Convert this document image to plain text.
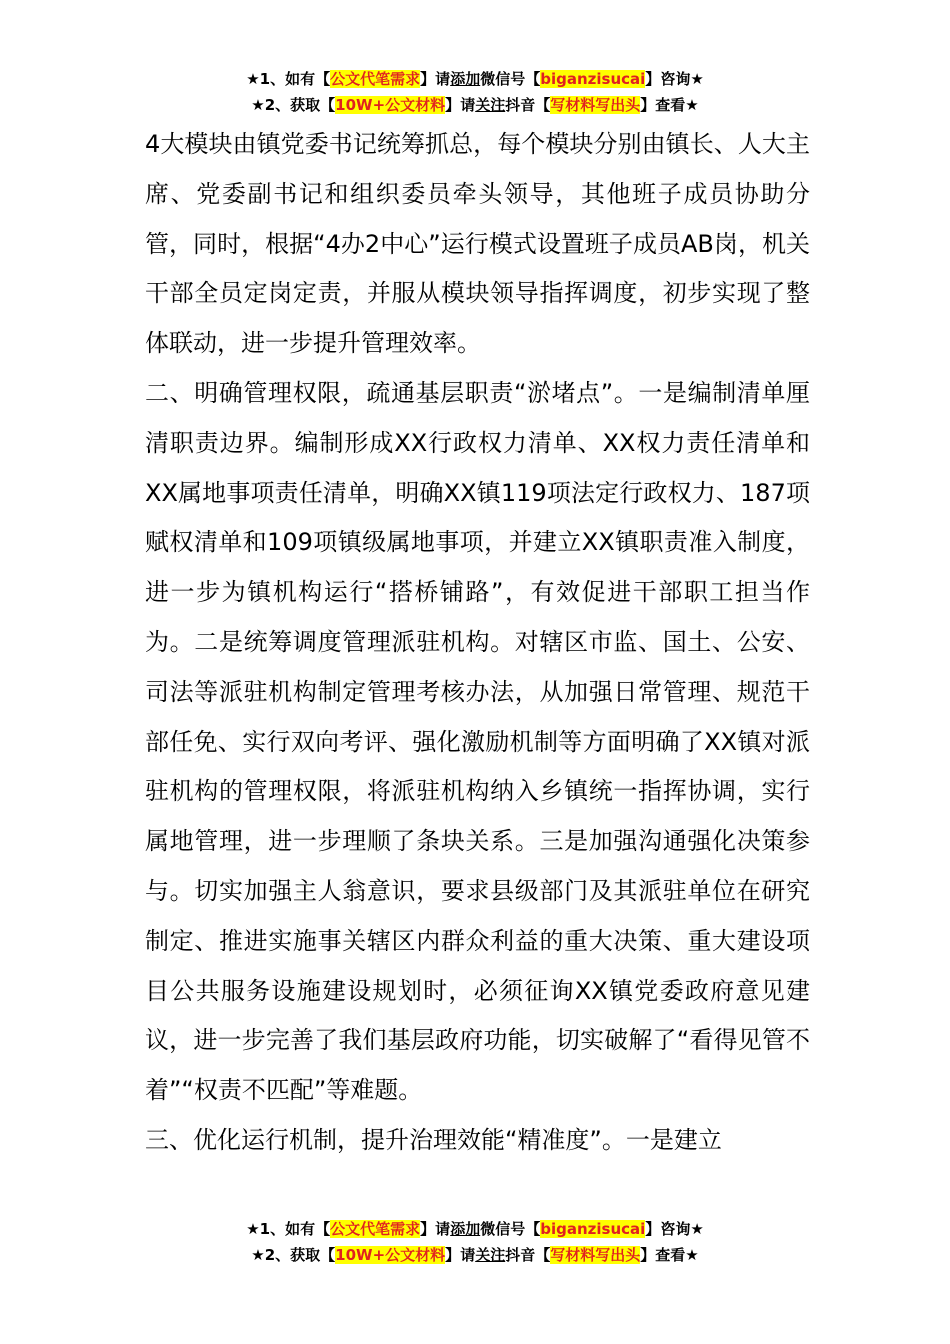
★1、如有【公文代笔需求】请添加微信号【biganzisucai】咨询★
★2、获取【10W+公文材料】请关注抖音【写材料写出头】查看★

4大模块由镇党委书记统筹抓总，每个模块分别由镇长、人大主席、党委副书记和组织委员牵头领导，其他班子成员协助分管，同时，根据“4办2中心”运行模式设置班子成员AB岗，机关干部全员定岗定责，并服从模块领导指挥调度，初步实现了整体联动，进一步提升管理效率。

二、明确管理权限，疏通基层职责“淤堵点”。一是编制清单厘清职责边界。编制形成XX行政权力清单、XX权力责任清单和XX属地事项责任清单，明确XX镇119项法定行政权力、187项赋权清单和109项镇级属地事项，并建立XX镇职责准入制度，进一步为镇机构运行“搭桥铺路”，有效促进干部职工担当作为。二是统筹调度管理派驻机构。对辖区市监、国土、公安、司法等派驻机构制定管理考核办法，从加强日常管理、规范干部任免、实行双向考评、强化激励机制等方面明确了XX镇对派驻机构的管理权限，将派驻机构纳入乡镇统一指挥协调，实行属地管理，进一步理顺了条块关系。三是加强沟通强化决策参与。切实加强主人翁意识，要求县级部门及其派驻单位在研究制定、推进实施事关辖区内群众利益的重大决策、重大建设项目公共服务设施建设规划时，必须征询XX镇党委政府意见建议，进一步完善了我们基层政府功能，切实破解了“看得见管不着”“权责不匹配”等难题。

三、优化运行机制，提升治理效能“精准度”。一是建立

★1、如有【公文代笔需求】请添加微信号【biganzisucai】咨询★
★2、获取【10W+公文材料】请关注抖音【写材料写出头】查看★
